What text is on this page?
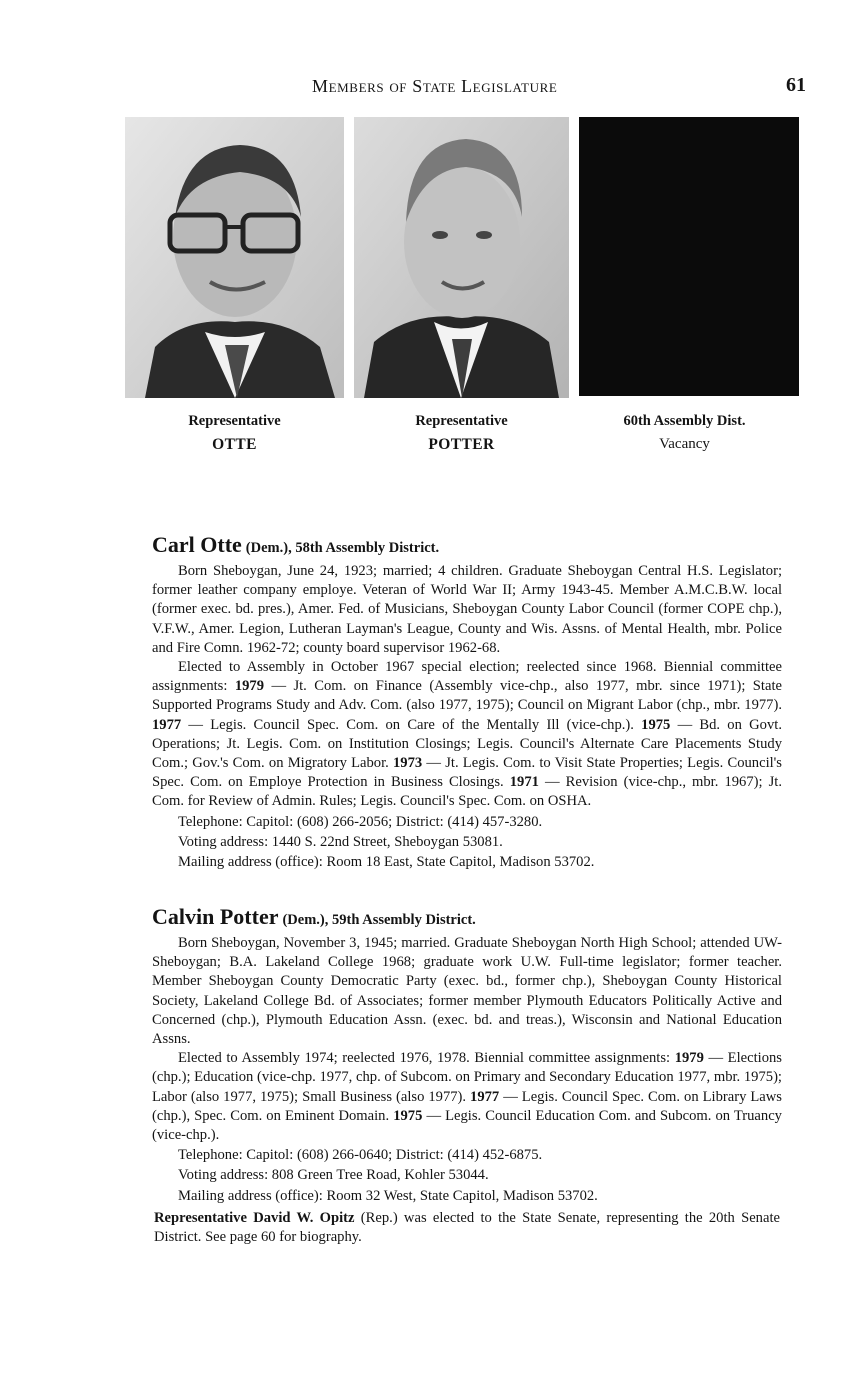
Members of State Legislature	61
Representative
OTTE
Representative
POTTER
60th Assembly Dist.
Vacancy
Carl Otte (Dem.), 58th Assembly District.

Born Sheboygan, June 24, 1923; married; 4 children. Graduate Sheboygan Central H.S. Legislator; former leather company employe. Veteran of World War II; Army 1943-45. Member A.M.C.B.W. local (former exec. bd. pres.), Amer. Fed. of Musicians, Sheboygan County Labor Council (former COPE chp.), V.F.W., Amer. Legion, Lutheran Layman's League, County and Wis. Assns. of Mental Health, mbr. Police and Fire Comn. 1962-72; county board supervisor 1962-68.

Elected to Assembly in October 1967 special election; reelected since 1968. Biennial committee assignments: 1979 — Jt. Com. on Finance (Assembly vice-chp., also 1977, mbr. since 1971); State Supported Programs Study and Adv. Com. (also 1977, 1975); Council on Migrant Labor (chp., mbr. 1977). 1977 — Legis. Council Spec. Com. on Care of the Mentally Ill (vice-chp.). 1975 — Bd. on Govt. Operations; Jt. Legis. Com. on Institution Closings; Legis. Council's Alternate Care Placements Study Com.; Gov.'s Com. on Migratory Labor. 1973 — Jt. Legis. Com. to Visit State Properties; Legis. Council's Spec. Com. on Employe Protection in Business Closings. 1971 — Revision (vice-chp., mbr. 1967); Jt. Com. for Review of Admin. Rules; Legis. Council's Spec. Com. on OSHA.

Telephone: Capitol: (608) 266-2056; District: (414) 457-3280.

Voting address: 1440 S. 22nd Street, Sheboygan 53081.

Mailing address (office): Room 18 East, State Capitol, Madison 53702.

Calvin Potter (Dem.), 59th Assembly District.

Born Sheboygan, November 3, 1945; married. Graduate Sheboygan North High School; attended UW-Sheboygan; B.A. Lakeland College 1968; graduate work U.W. Full-time legislator; former teacher. Member Sheboygan County Democratic Party (exec. bd., former chp.), Sheboygan County Historical Society, Lakeland College Bd. of Associates; former member Plymouth Educators Politically Active and Concerned (chp.), Plymouth Education Assn. (exec. bd. and treas.), Wisconsin and National Education Assns.

Elected to Assembly 1974; reelected 1976, 1978. Biennial committee assignments: 1979 — Elections (chp.); Education (vice-chp. 1977, chp. of Subcom. on Primary and Secondary Education 1977, mbr. 1975); Labor (also 1977, 1975); Small Business (also 1977). 1977 — Legis. Council Spec. Com. on Library Laws (chp.), Spec. Com. on Eminent Domain. 1975 — Legis. Council Education Com. and Subcom. on Truancy (vice-chp.).

Telephone: Capitol: (608) 266-0640; District: (414) 452-6875.

Voting address: 808 Green Tree Road, Kohler 53044.

Mailing address (office): Room 32 West, State Capitol, Madison 53702.

Representative David W. Opitz (Rep.) was elected to the State Senate, representing the 20th Senate District. See page 60 for biography.
